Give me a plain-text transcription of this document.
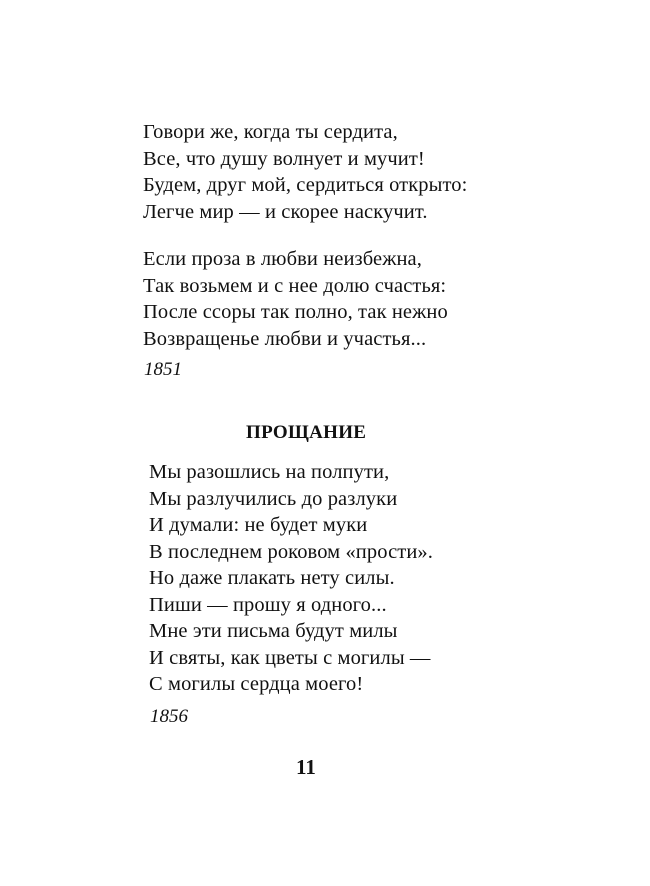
Говори же, когда ты сердита,
Все, что душу волнует и мучит!
Будем, друг мой, сердиться открыто:
Легче мир — и скорее наскучит.
Если проза в любви неизбежна,
Так возьмем и с нее долю счастья:
После ссоры так полно, так нежно
Возвращенье любви и участья...
1851
ПРОЩАНИЕ
Мы разошлись на полпути,
Мы разлучились до разлуки
И думали: не будет муки
В последнем роковом «прости».
Но даже плакать нету силы.
Пиши — прошу я одного...
Мне эти письма будут милы
И святы, как цветы с могилы —
С могилы сердца моего!
1856
11
